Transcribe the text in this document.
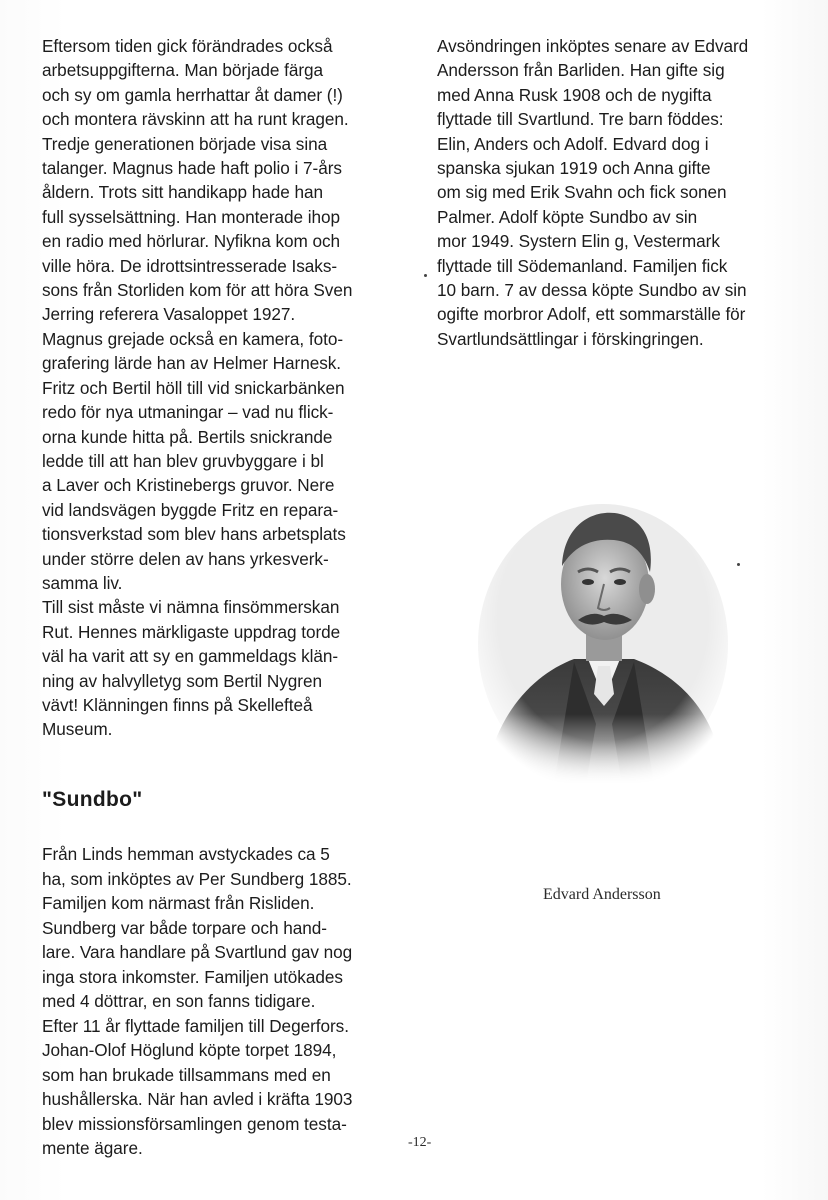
Eftersom tiden gick förändrades också
arbetsuppgifterna. Man började färga
och sy om gamla herrhattar åt damer (!)
och montera rävskinn att ha runt kragen.
Tredje generationen började visa sina
talanger. Magnus hade haft polio i 7-års
åldern. Trots sitt handikapp hade han
full sysselsättning. Han monterade ihop
en radio med hörlurar. Nyfikna kom och
ville höra. De idrottsintresserade Isaks-
sons från Storliden kom för att höra Sven
Jerring referera Vasaloppet 1927.
Magnus grejade också en kamera, foto-
grafering lärde han av Helmer Harnesk.
Fritz och Bertil höll till vid snickarbänken
redo för nya utmaningar – vad nu flick-
orna kunde hitta på. Bertils snickrande
ledde till att han blev gruvbyggare i bl
a Laver och Kristinebergs gruvor. Nere
vid landsvägen byggde Fritz en repara-
tionsverkstad som blev hans arbetsplats
under större delen av hans yrkesverk-
samma liv.
Till sist måste vi nämna finsömmerskan
Rut. Hennes märkligaste uppdrag torde
väl ha varit att sy en gammeldags klän-
ning av halvylletyg som Bertil Nygren
vävt! Klänningen finns på Skellefteå
Museum.
"Sundbo"
Från Linds hemman avstyckades ca 5
ha, som inköptes av Per Sundberg 1885.
Familjen kom närmast från Risliden.
Sundberg var både torpare och hand-
lare. Vara handlare på Svartlund gav nog
inga stora inkomster. Familjen utökades
med 4 döttrar, en son fanns tidigare.
Efter 11 år flyttade familjen till Degerfors.
Johan-Olof Höglund köpte torpet 1894,
som han brukade tillsammans med en
hushållerska. När han avled i kräfta 1903
blev missionsförsamlingen genom testa-
mente ägare.
Avsöndringen inköptes senare av Edvard
Andersson från Barliden. Han gifte sig
med Anna Rusk 1908 och de nygifta
flyttade till Svartlund. Tre barn föddes:
Elin, Anders och Adolf. Edvard dog i
spanska sjukan 1919 och Anna gifte
om sig med Erik Svahn och fick sonen
Palmer. Adolf köpte Sundbo av sin
mor 1949. Systern Elin g, Vestermark
flyttade till Södemanland. Familjen fick
10 barn. 7 av dessa köpte Sundbo av sin
ogifte morbror Adolf, ett sommarställe för
Svartlundsättlingar i förskingringen.
Edvard Andersson
-12-
